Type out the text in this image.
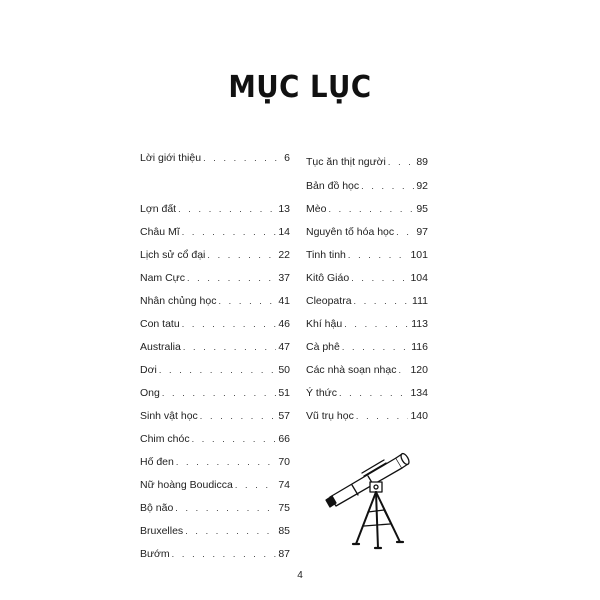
MỤC LỤC
Lời giới thiệu . . .	6
Lợn đất . . .	13
Châu Mĩ . . .	14
Lịch sử cổ đại . . .	22
Nam Cực . . .	37
Nhân chủng học . . .	41
Con tatu . . .	46
Australia . . .	47
Dơi . . .	50
Ong . . .	51
Sinh vật học . . .	57
Chim chóc . . .	66
Hố đen . . .	70
Nữ hoàng Boudicca . . .	74
Bộ não . . .	75
Bruxelles . . .	85
Bướm . . .	87
Tục ăn thịt người . . .	89
Bản đồ học . . .	92
Mèo . . .	95
Nguyên tố hóa học . . . 97
Tinh tinh . . .	101
Kitô Giáo . . .	104
Cleopatra . . .	111
Khí hậu . . .	113
Cà phê . . .	116
Các nhà soạn nhạc . . . 120
Ý thức . . .	134
Vũ trụ học . . .	140
4
